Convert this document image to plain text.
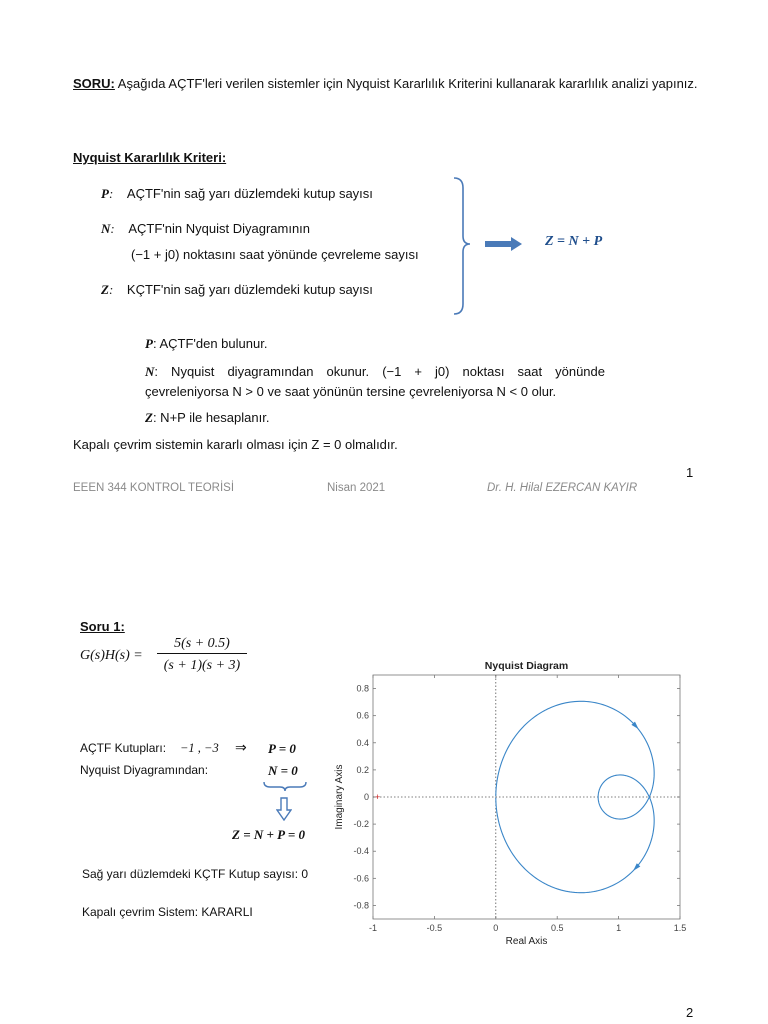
SORU: Aşağıda AÇTF'leri verilen sistemler için Nyquist Kararlılık Kriterini kullanarak kararlılık analizi yapınız.
Nyquist Kararlılık Kriteri:
P: AÇTF'nin sağ yarı düzlemdeki kutup sayısı
N: AÇTF'nin Nyquist Diyagramının
(−1 + j0) noktasını saat yönünde çevreleme sayısı
Z: KÇTF'nin sağ yarı düzlemdeki kutup sayısı
Z = N + P
P: AÇTF'den bulunur.
N: Nyquist diyagramından okunur. (−1 + j0) noktası saat yönünde çevreleniyorsa N > 0 ve saat yönünün tersine çevreleniyorsa N < 0 olur.
Z: N+P ile hesaplanır.
Kapalı çevrim sistemin kararlı olması için Z = 0 olmalıdır.
1
EEEN 344 KONTROL TEORİSİ	Nisan 2021	Dr. H. Hilal EZERCAN KAYIR
Soru 1:
G(s)H(s) =
5(s + 0.5)
(s + 1)(s + 3)
AÇTF Kutupları: −1 , −3 ⇒ P = 0
Nyquist Diyagramından:	N = 0
Z = N + P = 0
Sağ yarı düzlemdeki KÇTF Kutup sayısı: 0
Kapalı çevrim Sistem: KARARLI
Nyquist Diagram
-1	-0.5	0	0.5	1	1.5
-0.8
-0.6
-0.4
-0.2
0
0.2
0.4
0.6
0.8
Real Axis
Imaginary Axis	+
2
